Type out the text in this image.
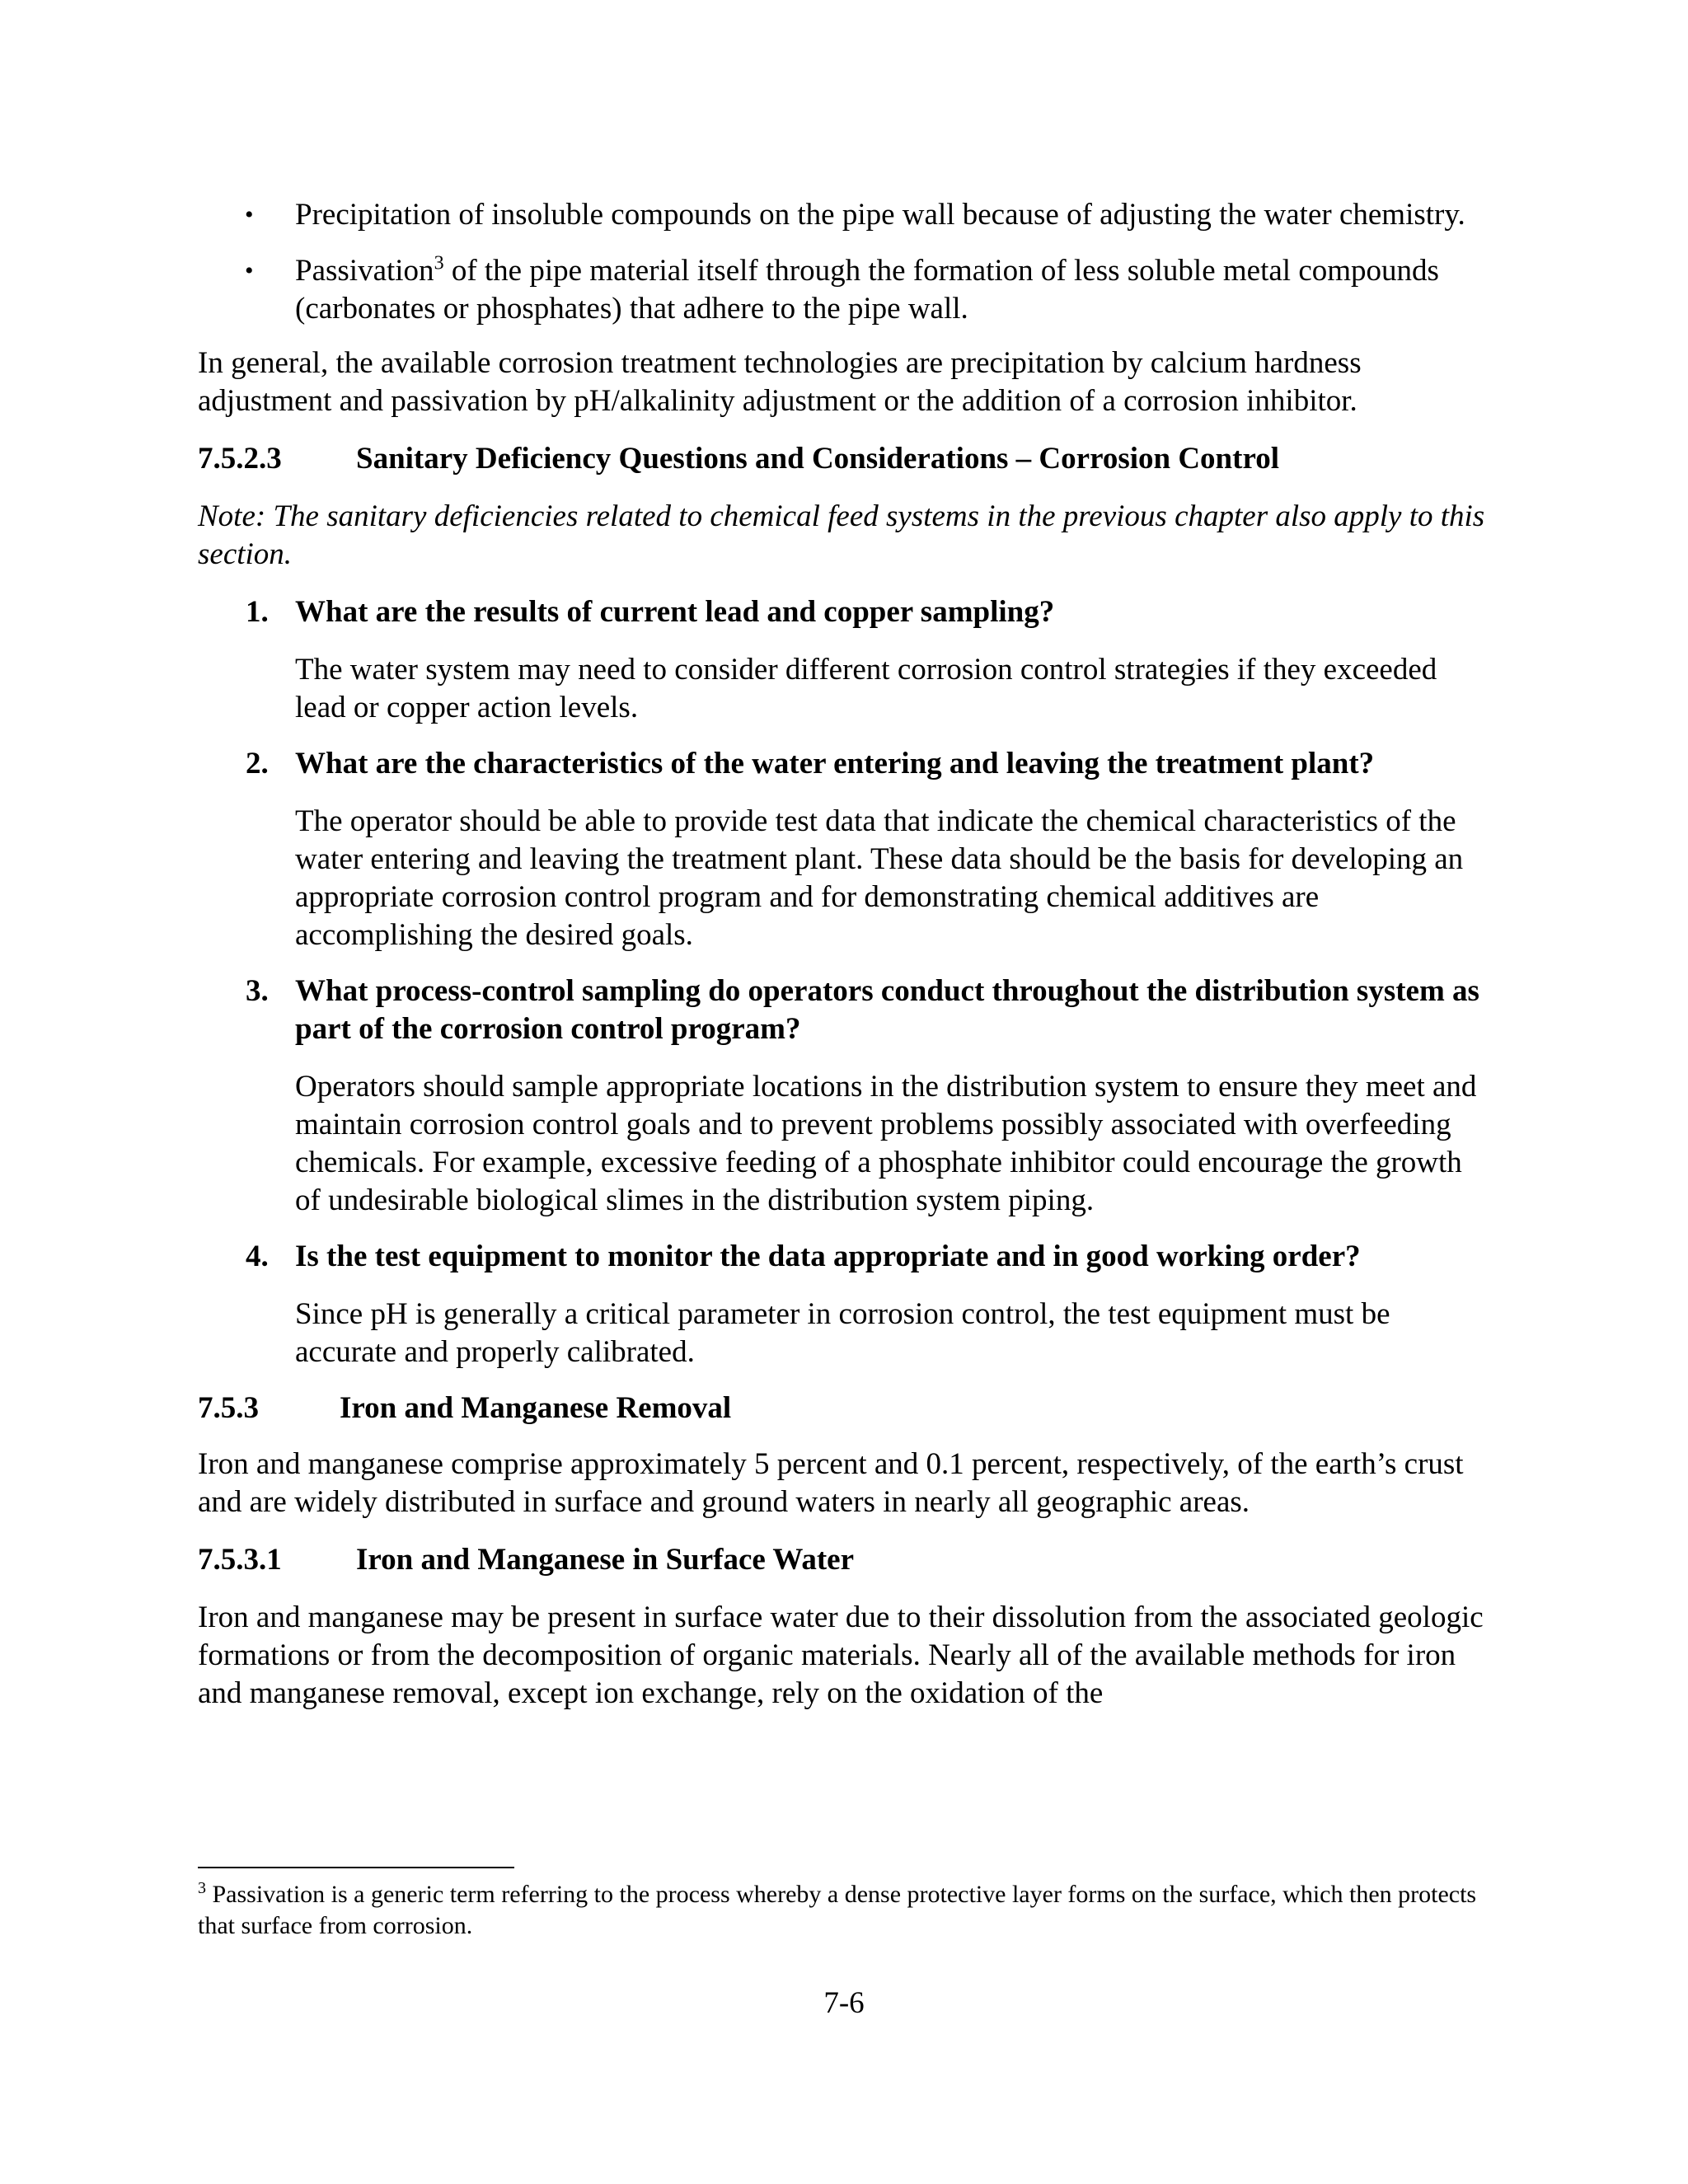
• Precipitation of insoluble compounds on the pipe wall because of adjusting the water chemistry.
• Passivation$^3$ of the pipe material itself through the formation of less soluble metal compounds (carbonates or phosphates) that adhere to the pipe wall.

In general, the available corrosion treatment technologies are precipitation by calcium hardness adjustment and passivation by pH/alkalinity adjustment or the addition of a corrosion inhibitor.

7.5.2.3	Sanitary Deficiency Questions and Considerations – Corrosion Control

Note: The sanitary deficiencies related to chemical feed systems in the previous chapter also apply to this section.

1. What are the results of current lead and copper sampling?

The water system may need to consider different corrosion control strategies if they exceeded lead or copper action levels.

2. What are the characteristics of the water entering and leaving the treatment plant?

The operator should be able to provide test data that indicate the chemical characteristics of the water entering and leaving the treatment plant. These data should be the basis for developing an appropriate corrosion control program and for demonstrating chemical additives are accomplishing the desired goals.

3. What process-control sampling do operators conduct throughout the distribution system as part of the corrosion control program?

Operators should sample appropriate locations in the distribution system to ensure they meet and maintain corrosion control goals and to prevent problems possibly associated with overfeeding chemicals. For example, excessive feeding of a phosphate inhibitor could encourage the growth of undesirable biological slimes in the distribution system piping.

4. Is the test equipment to monitor the data appropriate and in good working order?

Since pH is generally a critical parameter in corrosion control, the test equipment must be accurate and properly calibrated.

7.5.3	Iron and Manganese Removal

Iron and manganese comprise approximately 5 percent and 0.1 percent, respectively, of the earth’s crust and are widely distributed in surface and ground waters in nearly all geographic areas.

7.5.3.1	Iron and Manganese in Surface Water

Iron and manganese may be present in surface water due to their dissolution from the associated geologic formations or from the decomposition of organic materials. Nearly all of the available methods for iron and manganese removal, except ion exchange, rely on the oxidation of the

$^3$ Passivation is a generic term referring to the process whereby a dense protective layer forms on the surface, which then protects that surface from corrosion.
7-6
